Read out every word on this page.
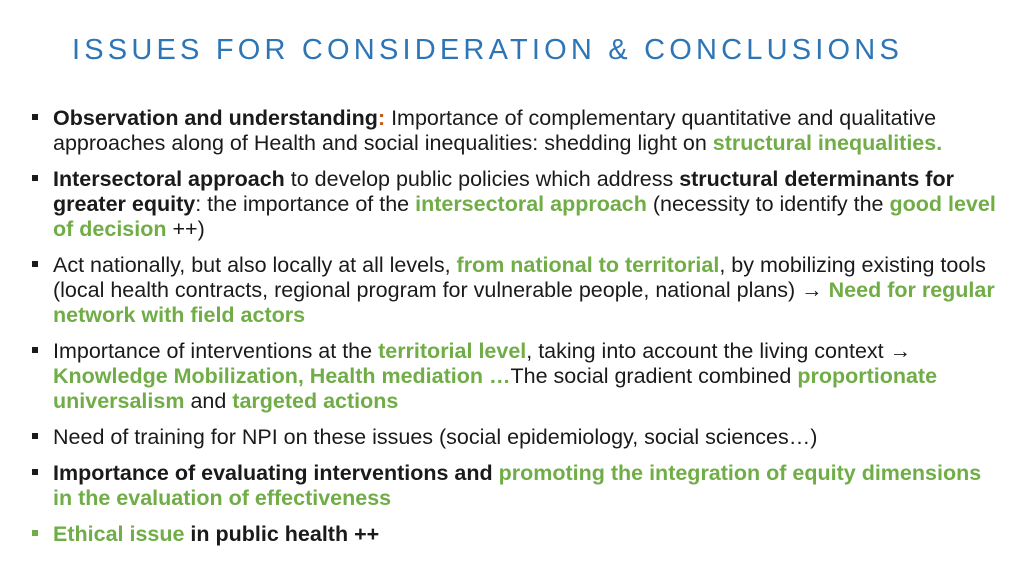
ISSUES FOR CONSIDERATION & CONCLUSIONS
Observation and understanding: Importance of complementary quantitative and qualitative approaches along of Health and social inequalities: shedding light on structural inequalities.
Intersectoral approach to develop public policies which address structural determinants for greater equity: the importance of the intersectoral approach (necessity to identify the good level of decision ++)
Act nationally, but also locally at all levels, from national to territorial, by mobilizing existing tools (local health contracts, regional program for vulnerable people, national plans) → Need for regular network with field actors
Importance of interventions at the territorial level, taking into account the living context → Knowledge Mobilization, Health mediation …The social gradient combined proportionate universalism and targeted actions
Need of training for NPI on these issues (social epidemiology, social sciences…)
Importance of evaluating interventions and promoting the integration of equity dimensions in the evaluation of effectiveness
Ethical issue in public health ++
